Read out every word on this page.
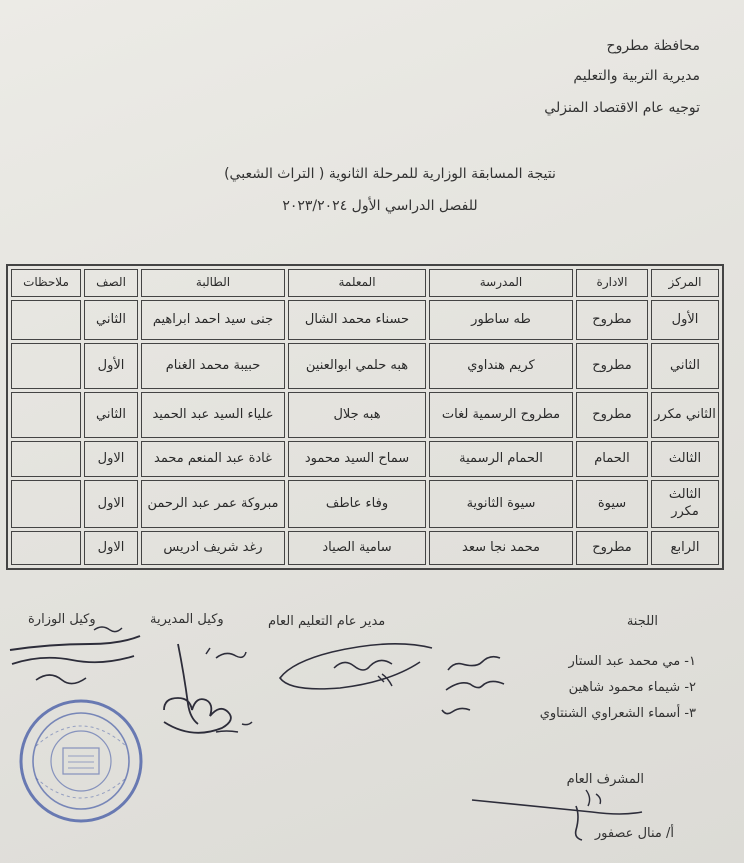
محافظة مطروح
مديرية التربية والتعليم
توجيه عام الاقتصاد المنزلي
نتيجة المسابقة الوزارية للمرحلة الثانوية ( التراث الشعبي)
للفصل الدراسي الأول ٢٠٢٣/٢٠٢٤
المركز	الادارة	المدرسة	المعلمة	الطالبة	الصف	ملاحظات
الأول	مطروح	طه ساطور	حسناء محمد الشال	جنى سيد احمد ابراهيم	الثاني	
الثاني	مطروح	كريم هنداوي	هبه حلمي ابوالعنين	حبيبة محمد الغنام	الأول	
الثاني مكرر	مطروح	مطروح الرسمية لغات	هبه جلال	علياء السيد عبد الحميد	الثاني	
الثالث	الحمام	الحمام الرسمية	سماح السيد محمود	غادة عبد المنعم محمد	الاول	
الثالث مكرر	سيوة	سيوة الثانوية	وفاء عاطف	مبروكة عمر عبد الرحمن	الاول	
الرابع	مطروح	محمد نجا سعد	سامية الصياد	رغد شريف ادريس	الاول	
اللجنة
مدير عام التعليم العام
وكيل المديرية
وكيل الوزارة
١- مي محمد عبد الستار
٢- شيماء محمود شاهين
٣- أسماء الشعراوي الشنتاوي
المشرف العام
أ/ منال عصفور
